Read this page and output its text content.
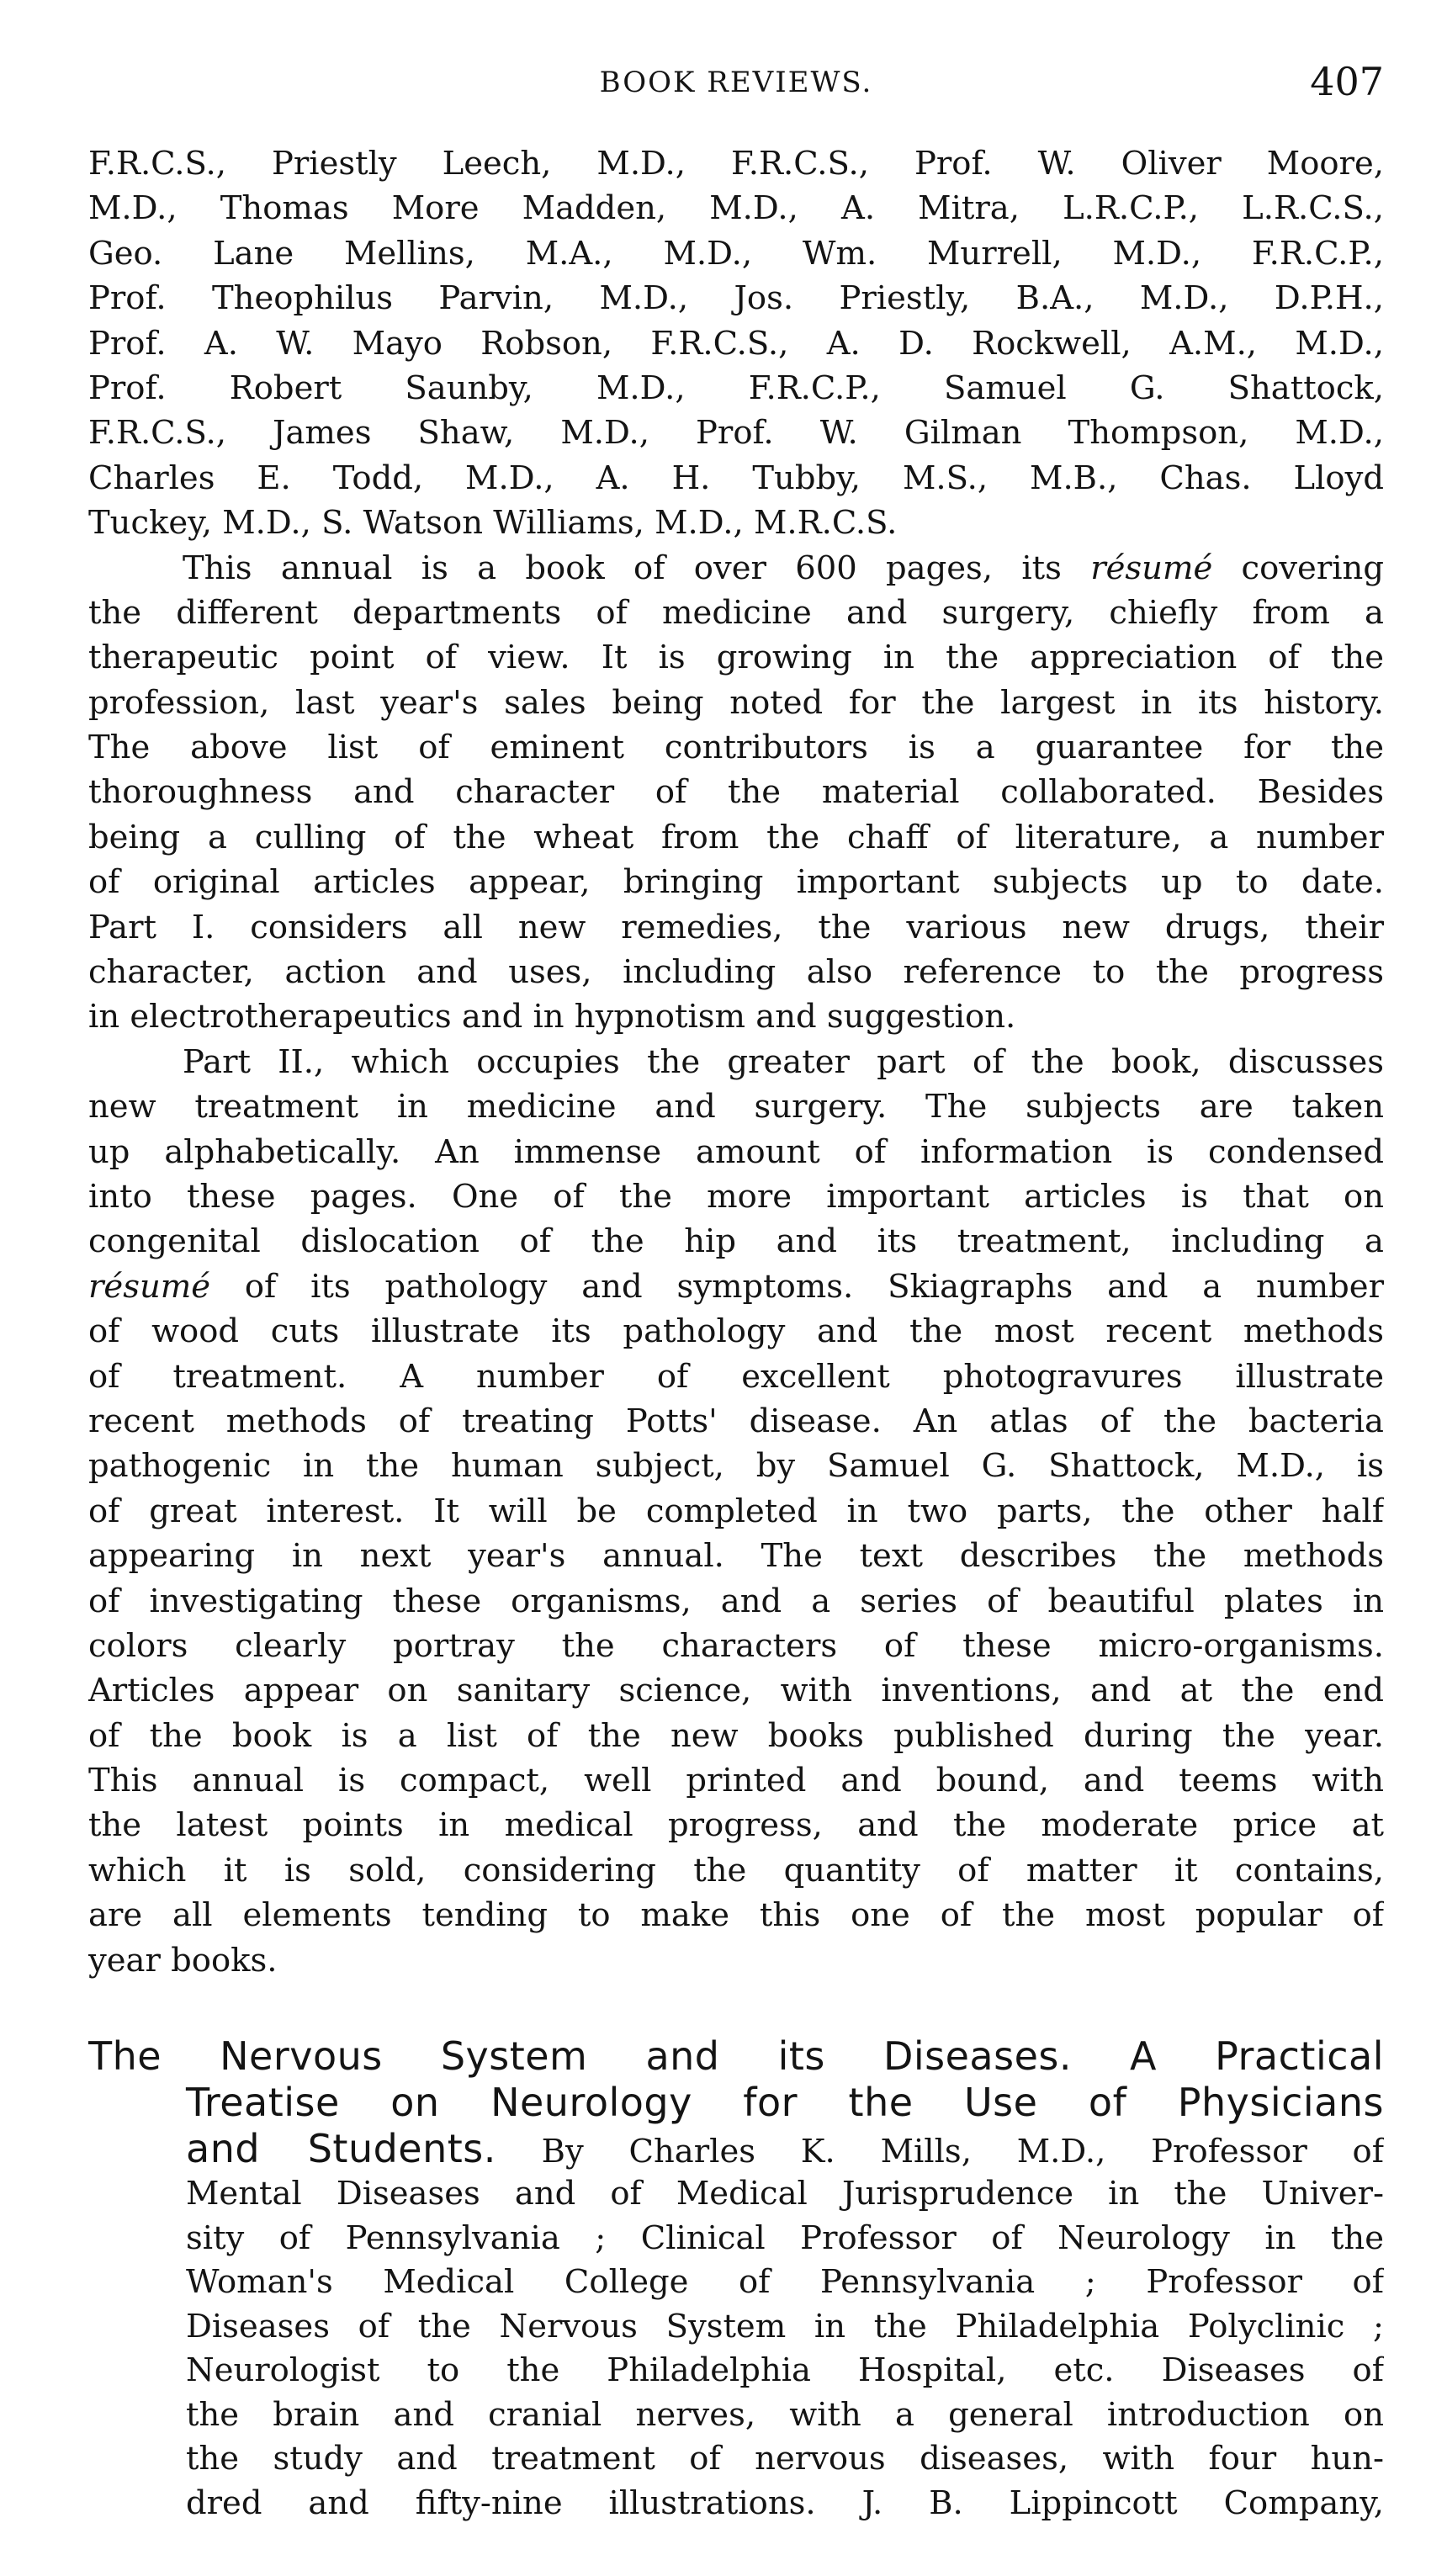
BOOK REVIEWS.	407
F.R.C.S., Priestly Leech, M.D., F.R.C.S., Prof. W. Oliver Moore,
M.D., Thomas More Madden, M.D., A. Mitra, L.R.C.P., L.R.C.S.,
Geo. Lane Mellins, M.A., M.D., Wm. Murrell, M.D., F.R.C.P.,
Prof. Theophilus Parvin, M.D., Jos. Priestly, B.A., M.D., D.P.H.,
Prof. A. W. Mayo Robson, F.R.C.S., A. D. Rockwell, A.M., M.D.,
Prof. Robert Saunby, M.D., F.R.C.P., Samuel G. Shattock,
F.R.C.S., James Shaw, M.D., Prof. W. Gilman Thompson, M.D.,
Charles E. Todd, M.D., A. H. Tubby, M.S., M.B., Chas. Lloyd
Tuckey, M.D., S. Watson Williams, M.D., M.R.C.S.
This annual is a book of over 600 pages, its résumé covering
the different departments of medicine and surgery, chiefly from a
therapeutic point of view. It is growing in the appreciation of the
profession, last year's sales being noted for the largest in its history.
The above list of eminent contributors is a guarantee for the
thoroughness and character of the material collaborated. Besides
being a culling of the wheat from the chaff of literature, a number
of original articles appear, bringing important subjects up to date.
Part I. considers all new remedies, the various new drugs, their
character, action and uses, including also reference to the progress
in electrotherapeutics and in hypnotism and suggestion.
Part II., which occupies the greater part of the book, discusses
new treatment in medicine and surgery. The subjects are taken
up alphabetically. An immense amount of information is condensed
into these pages. One of the more important articles is that on
congenital dislocation of the hip and its treatment, including a
résumé of its pathology and symptoms. Skiagraphs and a number
of wood cuts illustrate its pathology and the most recent methods
of treatment. A number of excellent photogravures illustrate
recent methods of treating Potts' disease. An atlas of the bacteria
pathogenic in the human subject, by Samuel G. Shattock, M.D., is
of great interest. It will be completed in two parts, the other half
appearing in next year's annual. The text describes the methods
of investigating these organisms, and a series of beautiful plates in
colors clearly portray the characters of these micro-organisms.
Articles appear on sanitary science, with inventions, and at the end
of the book is a list of the new books published during the year.
This annual is compact, well printed and bound, and teems with
the latest points in medical progress, and the moderate price at
which it is sold, considering the quantity of matter it contains,
are all elements tending to make this one of the most popular of
year books.
The Nervous System and its Diseases. A Practical
Treatise on Neurology for the Use of Physicians
and Students. By Charles K. Mills, M.D., Professor of
Mental Diseases and of Medical Jurisprudence in the Univer-
sity of Pennsylvania ; Clinical Professor of Neurology in the
Woman's Medical College of Pennsylvania ; Professor of
Diseases of the Nervous System in the Philadelphia Polyclinic ;
Neurologist to the Philadelphia Hospital, etc. Diseases of
the brain and cranial nerves, with a general introduction on
the study and treatment of nervous diseases, with four hun-
dred and fifty-nine illustrations. J. B. Lippincott Company,
